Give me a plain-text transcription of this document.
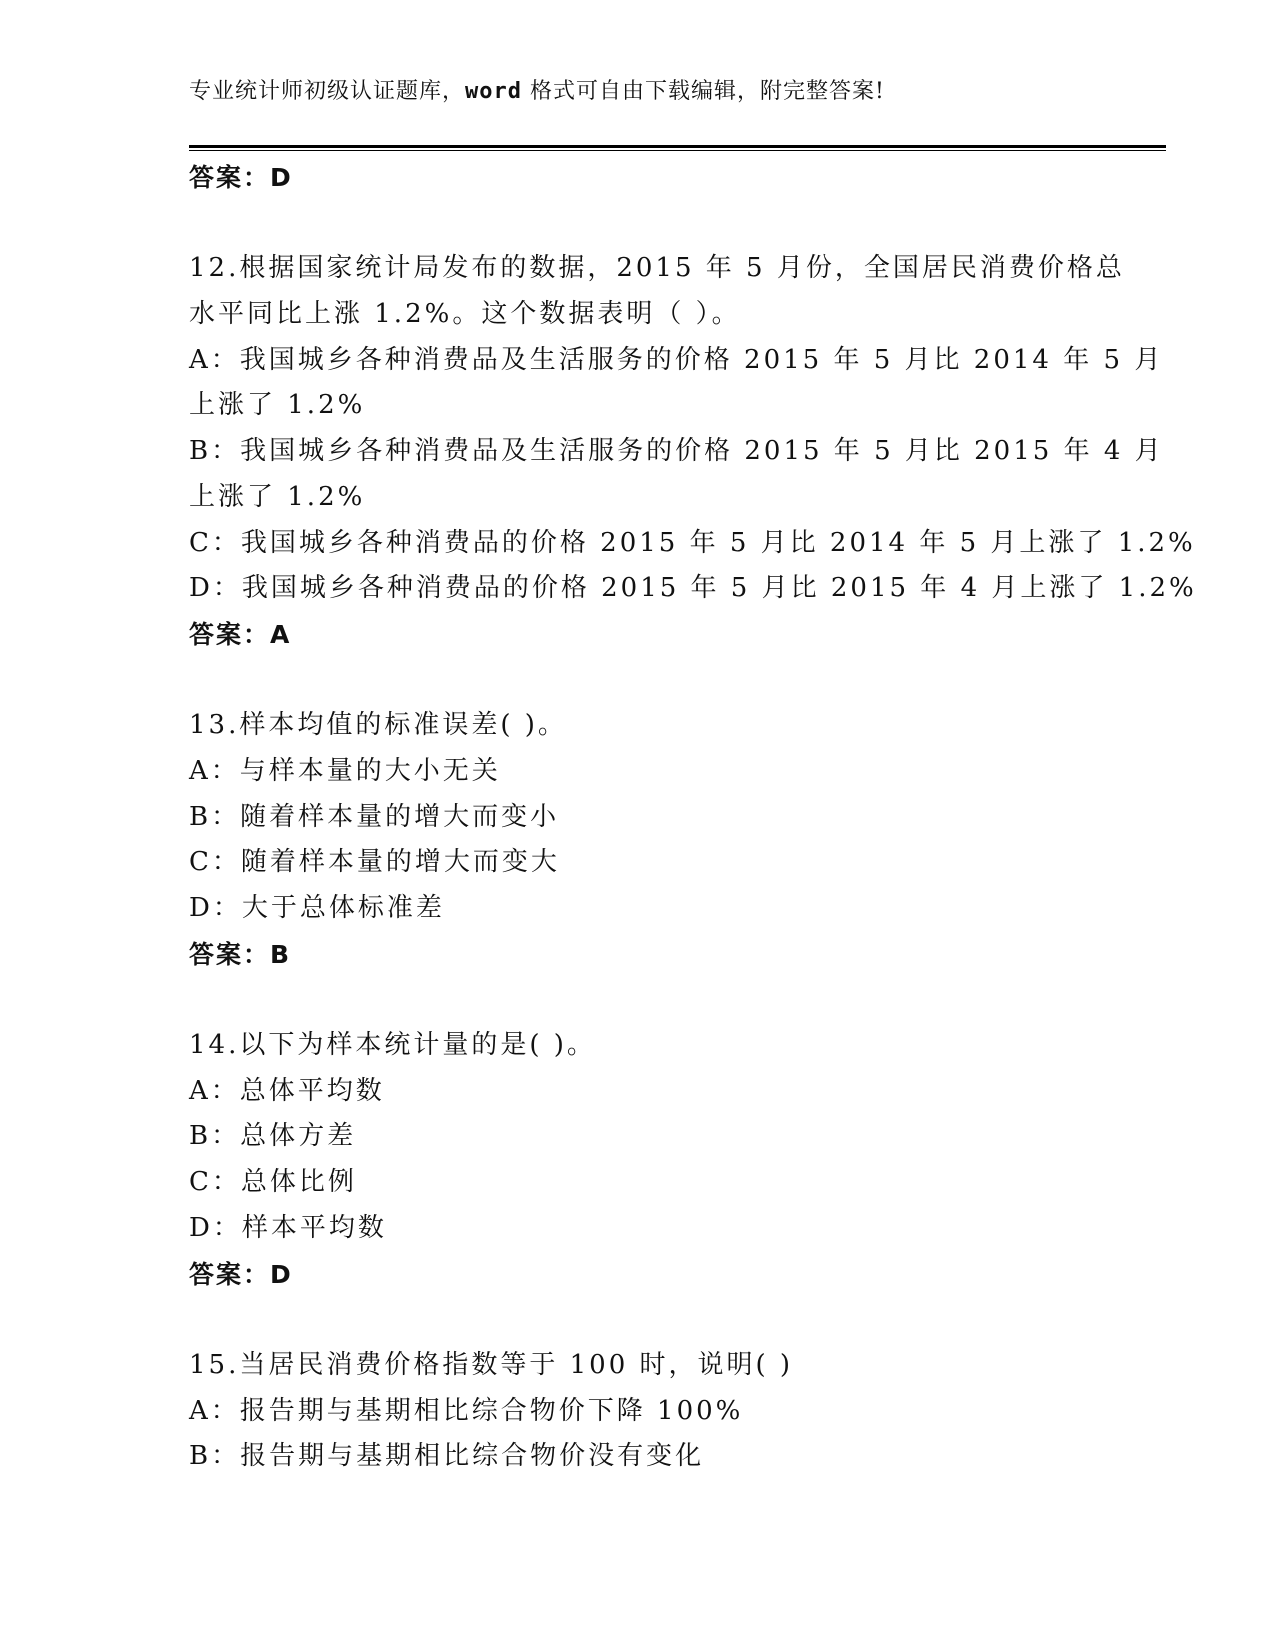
专业统计师初级认证题库，word 格式可自由下载编辑，附完整答案!
答案：D
12.根据国家统计局发布的数据，2015 年 5 月份，全国居民消费价格总
水平同比上涨 1.2%。这个数据表明（ ）。
A：我国城乡各种消费品及生活服务的价格 2015 年 5 月比 2014 年 5 月
上涨了 1.2%
B：我国城乡各种消费品及生活服务的价格 2015 年 5 月比 2015 年 4 月
上涨了 1.2%
C：我国城乡各种消费品的价格 2015 年 5 月比 2014 年 5 月上涨了 1.2%
D：我国城乡各种消费品的价格 2015 年 5 月比 2015 年 4 月上涨了 1.2%
答案：A
13.样本均值的标准误差( )。
A：与样本量的大小无关
B：随着样本量的增大而变小
C：随着样本量的增大而变大
D：大于总体标准差
答案：B
14.以下为样本统计量的是( )。
A：总体平均数
B：总体方差
C：总体比例
D：样本平均数
答案：D
15.当居民消费价格指数等于 100 时，说明( )
A：报告期与基期相比综合物价下降 100%
B：报告期与基期相比综合物价没有变化
